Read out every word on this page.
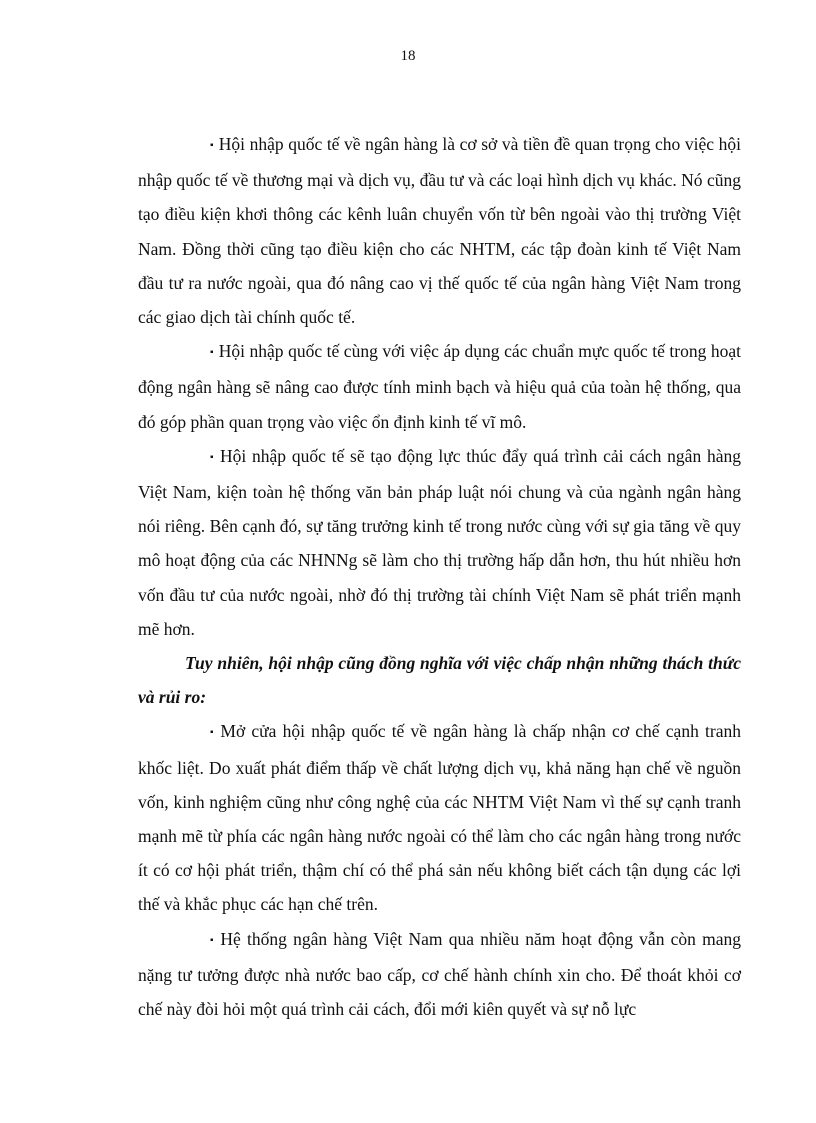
18

▪ Hội nhập quốc tế về ngân hàng là cơ sở và tiền đề quan trọng cho việc hội nhập quốc tế về thương mại và dịch vụ, đầu tư và các loại hình dịch vụ khác. Nó cũng tạo điều kiện khơi thông các kênh luân chuyển vốn từ bên ngoài vào thị trường Việt Nam. Đồng thời cũng tạo điều kiện cho các NHTM, các tập đoàn kinh tế Việt Nam đầu tư ra nước ngoài, qua đó nâng cao vị thế quốc tế của ngân hàng Việt Nam trong các giao dịch tài chính quốc tế.

▪ Hội nhập quốc tế cùng với việc áp dụng các chuẩn mực quốc tế trong hoạt động ngân hàng sẽ nâng cao được tính minh bạch và hiệu quả của toàn hệ thống, qua đó góp phần quan trọng vào việc ổn định kinh tế vĩ mô.

▪ Hội nhập quốc tế sẽ tạo động lực thúc đẩy quá trình cải cách ngân hàng Việt Nam, kiện toàn hệ thống văn bản pháp luật nói chung và của ngành ngân hàng nói riêng. Bên cạnh đó, sự tăng trưởng kinh tế trong nước cùng với sự gia tăng về quy mô hoạt động của các NHNNg sẽ làm cho thị trường hấp dẫn hơn, thu hút nhiều hơn vốn đầu tư của nước ngoài, nhờ đó thị trường tài chính Việt Nam sẽ phát triển mạnh mẽ hơn.

Tuy nhiên, hội nhập cũng đồng nghĩa với việc chấp nhận những thách thức và rủi ro:

▪ Mở cửa hội nhập quốc tế về ngân hàng là chấp nhận cơ chế cạnh tranh khốc liệt. Do xuất phát điểm thấp về chất lượng dịch vụ, khả năng hạn chế về nguồn vốn, kinh nghiệm cũng như công nghệ của các NHTM Việt Nam vì thế sự cạnh tranh mạnh mẽ từ phía các ngân hàng nước ngoài có thể làm cho các ngân hàng trong nước ít có cơ hội phát triển, thậm chí có thể phá sản nếu không biết cách tận dụng các lợi thế và khắc phục các hạn chế trên.

▪ Hệ thống ngân hàng Việt Nam qua nhiều năm hoạt động vẫn còn mang nặng tư tưởng được nhà nước bao cấp, cơ chế hành chính xin cho. Để thoát khỏi cơ chế này đòi hỏi một quá trình cải cách, đổi mới kiên quyết và sự nỗ lực
